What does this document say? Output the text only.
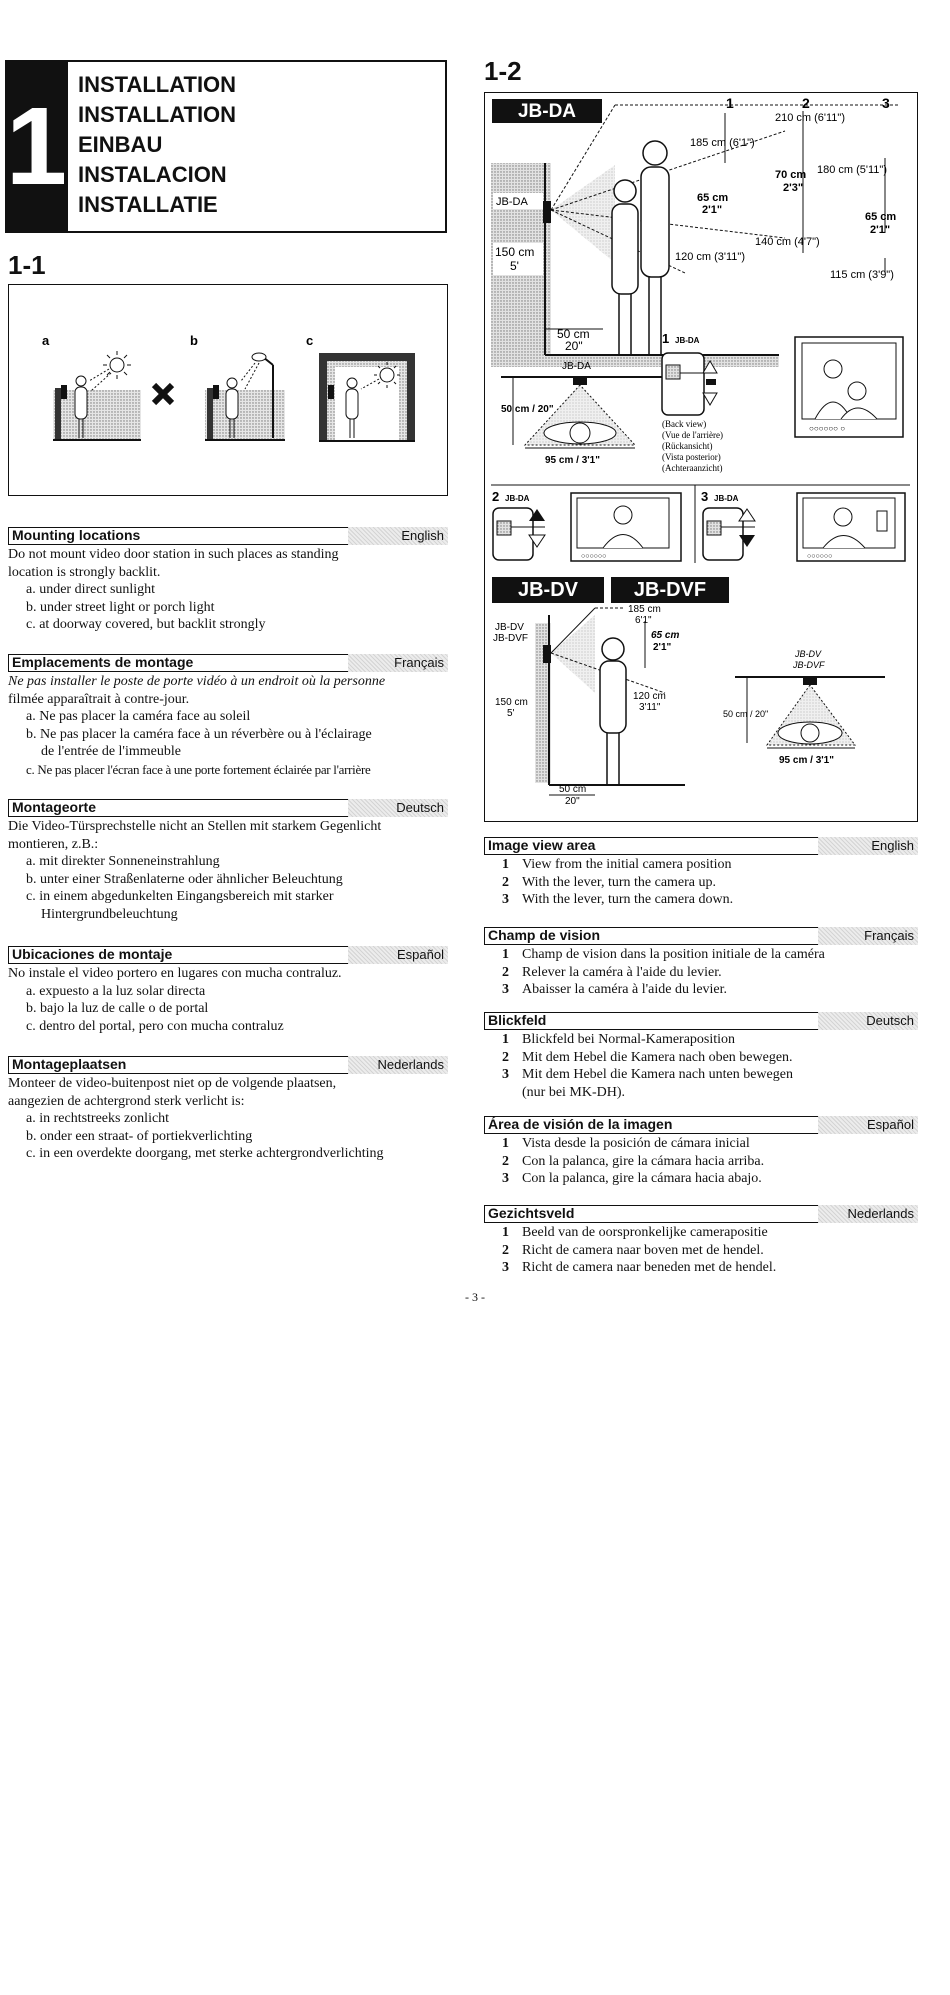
1 INSTALLATION
INSTALLATION
EINBAU
INSTALACION
INSTALLATIE
1-1
a	b	c
Mounting locations	English
Do not mount video door station in such places as standing
location is strongly backlit.
a. under direct sunlight
b. under street light or porch light
c. at doorway covered, but backlit strongly
Emplacements de montage	Français
Ne pas installer le poste de porte vidéo à un endroit où la personne
filmée apparaîtrait à contre-jour.
a. Ne pas placer la caméra face au soleil
b. Ne pas placer la caméra face à un réverbère ou à l'éclairage
de l'entrée de l'immeuble
c. Ne pas placer l'écran face à une porte fortement éclairée par l'arrière
Montageorte	Deutsch
Die Video-Türsprechstelle nicht an Stellen mit starkem Gegenlicht
montieren, z.B.:
a. mit direkter Sonneneinstrahlung
b. unter einer Straßenlaterne oder ähnlicher Beleuchtung
c. in einem abgedunkelten Eingangsbereich mit starker
Hintergrundbeleuchtung
Ubicaciones de montaje	Español
No instale el video portero en lugares con mucha contraluz.
a. expuesto a la luz solar directa
b. bajo la luz de calle o de portal
c. dentro del portal, pero con mucha contraluz
Montageplaatsen	Nederlands
Monteer de video-buitenpost niet op de volgende plaatsen,
aangezien de achtergrond sterk verlicht is:
a. in rechtstreeks zonlicht
b. onder een straat- of portiekverlichting
c. in een overdekte doorgang, met sterke achtergrondverlichting
1-2
JB-DA	1	2	3
210 cm (6'11")
185 cm (6'1")
180 cm (5'11")
70 cm
2'3"
65 cm
2'1"
65 cm
2'1"
140 cm (4'7")
120 cm (3'11")
115 cm (3'9")
JB-DA
150 cm
5'
50 cm
20"
JB-DA
50 cm / 20"
95 cm / 3'1"
1 JB-DA
(Back view)
(Vue de l'arrière)
(Rückansicht)
(Vista posterior)
(Achteraanzicht)
○○○○○○ ○
2 JB-DA
○○○○○○
3 JB-DA
○○○○○○
JB-DV	JB-DVF
185 cm
6'1"
65 cm
2'1"
120 cm
3'11"
JB-DV
JB-DVF
150 cm
5'
50 cm
20"
JB-DV
JB-DVF
50 cm / 20"
95 cm / 3'1"
Image view area	English
1 View from the initial camera position
2 With the lever, turn the camera up.
3 With the lever, turn the camera down.
Champ de vision	Français
1 Champ de vision dans la position initiale de la caméra
2 Relever la caméra à l'aide du levier.
3 Abaisser la caméra à l'aide du levier.
Blickfeld	Deutsch
1 Blickfeld bei Normal-Kameraposition
2 Mit dem Hebel die Kamera nach oben bewegen.
3 Mit dem Hebel die Kamera nach unten bewegen
(nur bei MK-DH).
Área de visión de la imagen	Español
1 Vista desde la posición de cámara inicial
2 Con la palanca, gire la cámara hacia arriba.
3 Con la palanca, gire la cámara hacia abajo.
Gezichtsveld	Nederlands
1 Beeld van de oorspronkelijke camerapositie
2 Richt de camera naar boven met de hendel.
3 Richt de camera naar beneden met de hendel.
- 3 -
